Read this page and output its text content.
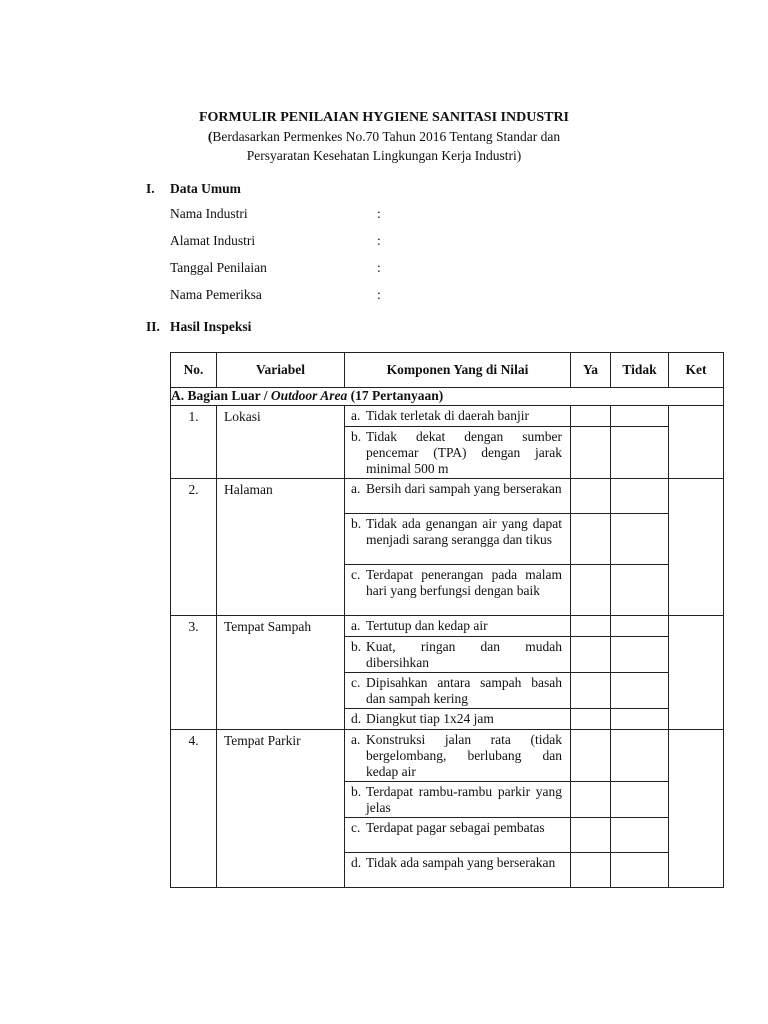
FORMULIR PENILAIAN HYGIENE SANITASI INDUSTRI
(Berdasarkan Permenkes No.70 Tahun 2016 Tentang Standar dan
Persyaratan Kesehatan Lingkungan Kerja Industri)
I. Data Umum
Nama Industri	:
Alamat Industri	:
Tanggal Penilaian	:
Nama Pemeriksa	:
II. Hasil Inspeksi
No.	Variabel	Komponen Yang di Nilai	Ya	Tidak	Ket
A. Bagian Luar / Outdoor Area (17 Pertanyaan)					
1.	Lokasi	a. Tidak terletak di daerah banjir			

		b. Tidak dekat dengan sumber pencemar (TPA) dengan jarak minimal 500 m			

2.	Halaman	a. Bersih dari sampah yang berserakan			

		b. Tidak ada genangan air yang dapat menjadi sarang serangga dan tikus			

		c. Terdapat penerangan pada malam hari yang berfungsi dengan baik			

3.	Tempat Sampah	a. Tertutup dan kedap air			

		b. Kuat, ringan dan mudah dibersihkan			

		c. Dipisahkan antara sampah basah dan sampah kering			

		d. Diangkut tiap 1x24 jam			

4.	Tempat Parkir	a. Konstruksi jalan rata (tidak bergelombang, berlubang dan kedap air			

		b. Terdapat rambu-rambu parkir yang jelas			

		c. Terdapat pagar sebagai pembatas			

		d. Tidak ada sampah yang berserakan			
